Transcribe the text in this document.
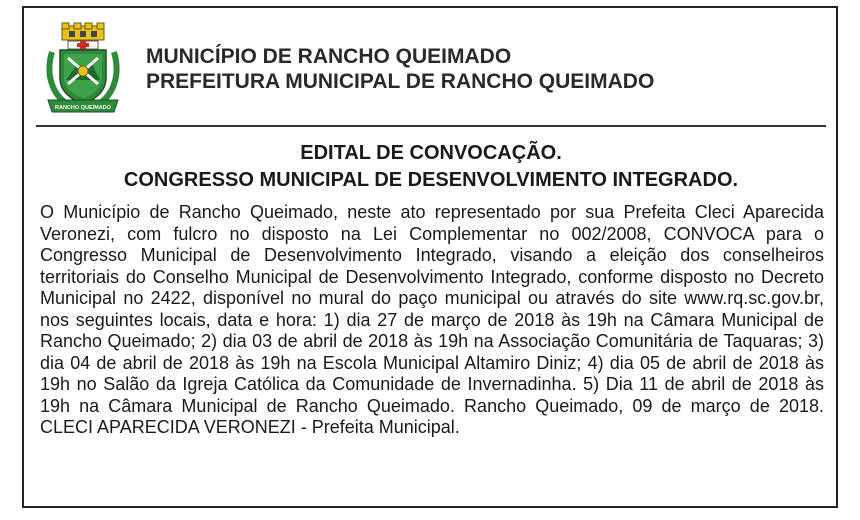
RANCHO QUEIMADO
MUNICÍPIO DE RANCHO QUEIMADO
PREFEITURA MUNICIPAL DE RANCHO QUEIMADO
EDITAL DE CONVOCAÇÃO.
CONGRESSO MUNICIPAL DE DESENVOLVIMENTO INTEGRADO.
O Município de Rancho Queimado, neste ato representado por sua Prefeita Cleci Aparecida Veronezi, com fulcro no disposto na Lei Complementar no 002/2008, CONVOCA para o Congresso Municipal de Desenvolvimento Integrado, visando a eleição dos conselheiros territoriais do Conselho Municipal de Desenvolvimento Integrado, conforme disposto no Decreto Municipal no 2422, disponível no mural do paço municipal ou através do site www.rq.sc.gov.br, nos seguintes locais, data e hora: 1) dia 27 de março de 2018 às 19h na Câmara Municipal de Rancho Queimado; 2) dia 03 de abril de 2018 às 19h na Associação Comunitária de Taquaras; 3) dia 04 de abril de 2018 às 19h na Escola Municipal Altamiro Diniz; 4) dia 05 de abril de 2018 às 19h no Salão da Igreja Católica da Comunidade de Invernadinha. 5) Dia 11 de abril de 2018 às 19h na Câmara Municipal de Rancho Queimado. Rancho Queimado, 09 de março de 2018. CLECI APARECIDA VERONEZI - Prefeita Municipal.
